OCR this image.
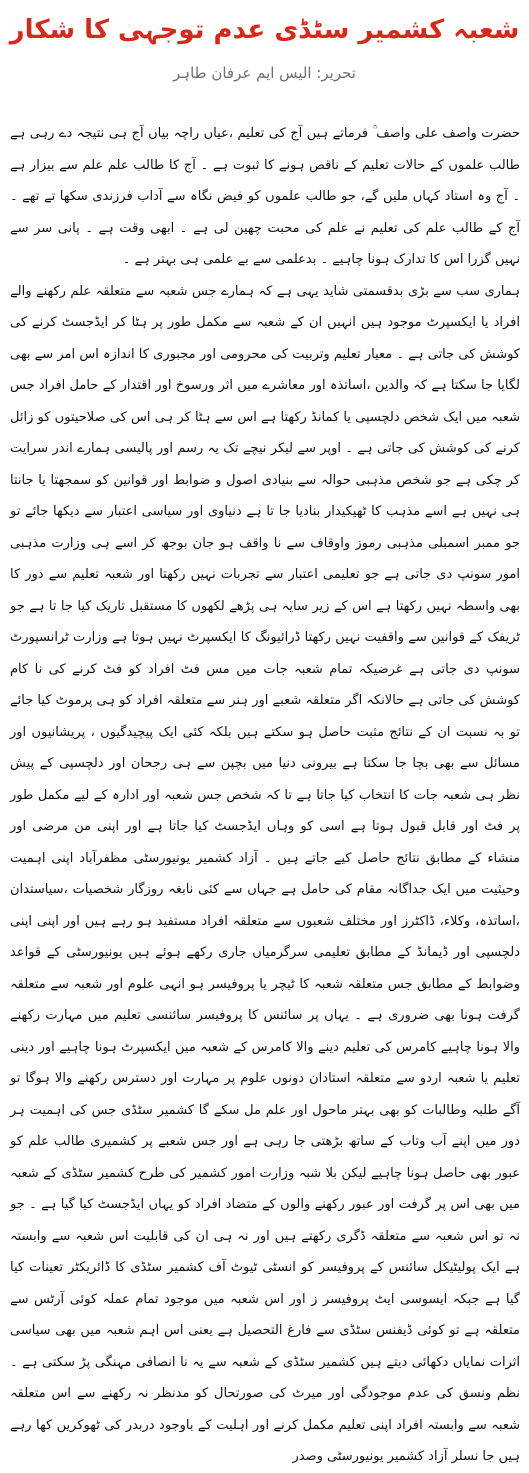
شعبہ کشمیر سٹڈی عدم توجہی کا شکار
تحریر: الیس ایم عرفان طاہر

حضرت واصف علی واصف ؒ فرماتے ہیں آج کی تعلیم ،عیاں راچہ بیاں آج ہی نتیجہ دے رہی ہے طالب علموں کے حالات تعلیم کے ناقص ہونے کا ثبوت ہے ۔ آج کا طالب علم علم سے بیزار ہے ۔ آج وہ استاد کہاں ملیں گے، جو طالب علموں کو فیض نگاہ سے آداب فرزندی سکھا تے تھے ۔ آج کے طالب علم کی تعلیم نے علم کی محبت چھین لی ہے ۔ ابھی وقت ہے ۔ پانی سر سے نہیں گزرا اس کا تدارک ہونا چاہیے ۔ بدعلمی سے بے علمی ہی بہتر ہے ۔

ہماری سب سے بڑی بدقسمتی شاید یہی ہے کہ ہمارے جس شعبہ سے متعلقہ علم رکھنے والے افراد یا ایکسپرٹ موجود ہیں انہیں ان کے شعبہ سے مکمل طور پر ہٹا کر ایڈجسٹ کرنے کی کوشش کی جاتی ہے ۔ معیار تعلیم وتربیت کی محرومی اور مجبوری کا اندازہ اس امر سے بھی لگایا جا سکتا ہے کہ والدین ،اساتذہ اور معاشرے میں اثر ورسوخ اور اقتدار کے حامل افراد جس شعبہ میں ایک شخص دلچسپی یا کمانڈ رکھتا ہے اس سے ہٹا کر ہی اس کی صلاحیتوں کو زائل کرنے کی کوشش کی جاتی ہے ۔ اوپر سے لیکر نیچے تک یہ رسم اور پالیسی ہمارے اندر سرایت کر چکی ہے جو شخص مذہبی حوالہ سے بنیادی اصول و ضوابط اور قوانین کو سمجھتا یا جانتا ہی نہیں ہے اسے مذہب کا ٹھیکیدار بنادیا جا تا ہے دنیاوی اور سیاسی اعتبار سے دیکھا جائے تو جو ممبر اسمبلی مذہبی رموز واوقاف سے نا واقف ہو جان بوجھ کر اسے ہی وزارت مذہبی امور سونپ دی جاتی ہے جو تعلیمی اعتبار سے تجربات نہیں رکھتا اور شعبہ تعلیم سے دور کا بھی واسطہ نہیں رکھتا ہے اس کے زیر سایہ ہی پڑھے لکھوں کا مستقبل تاریک کیا جا تا ہے جو ٹریفک کے قوانین سے واقفیت نہیں رکھتا ڈرائیونگ کا ایکسپرٹ نہیں ہوتا ہے وزارت ٹرانسپورٹ سونپ دی جاتی ہے غرضیکہ تمام شعبہ جات میں مس فٹ افراد کو فٹ کرنے کی نا کام کوشش کی جاتی ہے حالانکہ اگر متعلقہ شعبے اور ہنر سے متعلقہ افراد کو ہی پرموٹ کیا جائے تو بہ نسبت ان کے نتائج مثبت حاصل ہو سکتے ہیں بلکہ کئی ایک پیچیدگیوں ، پریشانیوں اور مسائل سے بھی بچا جا سکتا ہے بیرونی دنیا میں بچپن سے ہی رجحان اور دلچسپی کے پیش نظر ہی شعبہ جات کا انتخاب کیا جاتا ہے تا کہ شخص جس شعبہ اور ادارہ کے لیے مکمل طور پر فٹ اور قابل قبول ہوتا ہے اسی کو وہاں ایڈجسٹ کیا جاتا ہے اور اپنی من مرضی اور منشاء کے مطابق نتائج حاصل کیے جاتے ہیں ۔ آزاد کشمیر یونیورسٹی مظفرآباد اپنی اہمیت وحیثیت میں ایک جداگانہ مقام کی حامل ہے جہاں سے کئی نابغہ روزگار شخصیات ،سیاستدان ،اساتذہ، وکلاء، ڈاکٹرز اور مختلف شعبوں سے متعلقہ افراد مستفید ہو رہے ہیں اور اپنی اپنی دلچسپی اور ڈیمانڈ کے مطابق تعلیمی سرگرمیاں جاری رکھے ہوئے ہیں یونیورسٹی کے قواعد وضوابط کے مطابق جس متعلقہ شعبہ کا ٹیچر یا پروفیسر ہو انہی علوم اور شعبہ سے متعلقہ گرفت ہونا بھی ضروری ہے ۔ یہاں پر سائنس کا پروفیسر سائنسی تعلیم میں مہارت رکھنے والا ہونا چاہیے کامرس کی تعلیم دینے والا کامرس کے شعبہ میں ایکسپرٹ ہونا چاہیے اور دینی تعلیم یا شعبہ اردو سے متعلقہ استادان دونوں علوم پر مہارت اور دسترس رکھنے والا ہوگا تو آگے طلبہ وطالبات کو بھی بہتر ماحول اور علم مل سکے گا کشمیر سٹڈی جس کی اہمیت ہر دور میں اپنے آب وتاب کے ساتھ بڑھتی جا رہی ہے اور جس شعبے پر کشمیری طالب علم کو عبور بھی حاصل ہونا چاہیے لیکن بلا شبہ وزارت امور کشمیر کی طرح کشمیر سٹڈی کے شعبہ میں بھی اس پر گرفت اور عبور رکھنے والوں کے متضاد افراد کو یہاں ایڈجسٹ کیا گیا ہے ۔ جو نہ تو اس شعبہ سے متعلقہ ڈگری رکھتے ہیں اور نہ ہی ان کی قابلیت اس شعبہ سے وابستہ ہے ایک پولیٹیکل سائنس کے پروفیسر کو انسٹی ٹیوٹ آف کشمیر سٹڈی کا ڈائریکٹر تعینات کیا گیا ہے جبکہ ایسوسی ایٹ پروفیسر ز اور اس شعبہ میں موجود تمام عملہ کوئی آرٹس سے متعلقہ ہے تو کوئی ڈیفنس سٹڈی سے فارغ التحصیل ہے یعنی اس اہم شعبہ میں بھی سیاسی اثرات نمایاں دکھائی دیتے ہیں کشمیر سٹڈی کے شعبہ سے یہ نا انصافی مہنگی پڑ سکتی ہے ۔ نظم ونسق کی عدم موجودگی اور میرٹ کی صورتحال کو مدنظر نہ رکھنے سے اس متعلقہ شعبہ سے وابستہ افراد اپنی تعلیم مکمل کرنے اور اہلیت کے باوجود دربدر کی ٹھوکریں کھا رہے ہیں جا نسلر آزاد کشمیر یونیورسٹی وصدر
